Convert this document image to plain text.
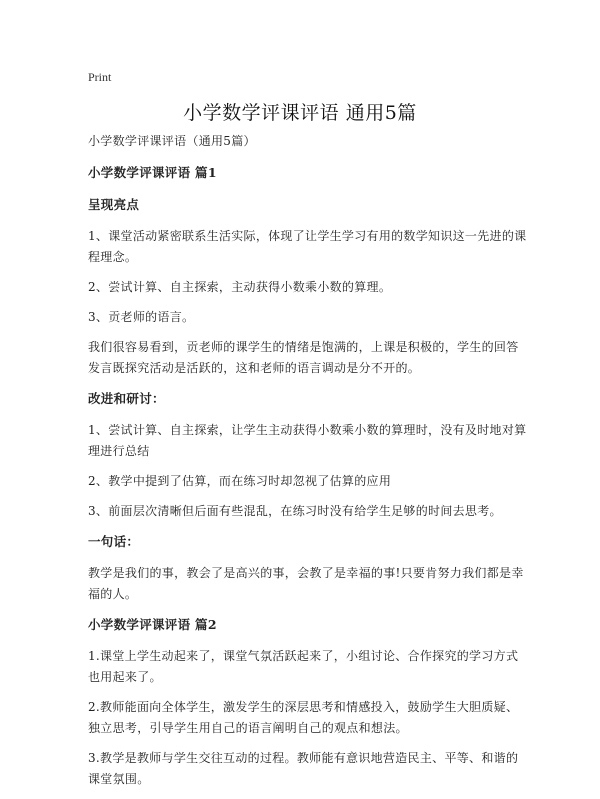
Print
小学数学评课评语 通用5篇
小学数学评课评语（通用5篇）
小学数学评课评语 篇1
呈现亮点
1、课堂活动紧密联系生活实际，体现了让学生学习有用的数学知识这一先进的课程理念。
2、尝试计算、自主探索，主动获得小数乘小数的算理。
3、贡老师的语言。
我们很容易看到，贡老师的课学生的情绪是饱满的，上课是积极的，学生的回答发言既探究活动是活跃的，这和老师的语言调动是分不开的。
改进和研讨：
1、尝试计算、自主探索，让学生主动获得小数乘小数的算理时，没有及时地对算理进行总结
2、教学中提到了估算，而在练习时却忽视了估算的应用
3、前面层次清晰但后面有些混乱，在练习时没有给学生足够的时间去思考。
一句话：
教学是我们的事，教会了是高兴的事，会教了是幸福的事!只要肯努力我们都是幸福的人。
小学数学评课评语 篇2
1.课堂上学生动起来了，课堂气氛活跃起来了，小组讨论、合作探究的学习方式也用起来了。
2.教师能面向全体学生，激发学生的深层思考和情感投入，鼓励学生大胆质疑、独立思考，引导学生用自己的语言阐明自己的观点和想法。
3.教学是教师与学生交往互动的过程。教师能有意识地营造民主、平等、和谐的课堂氛围。
